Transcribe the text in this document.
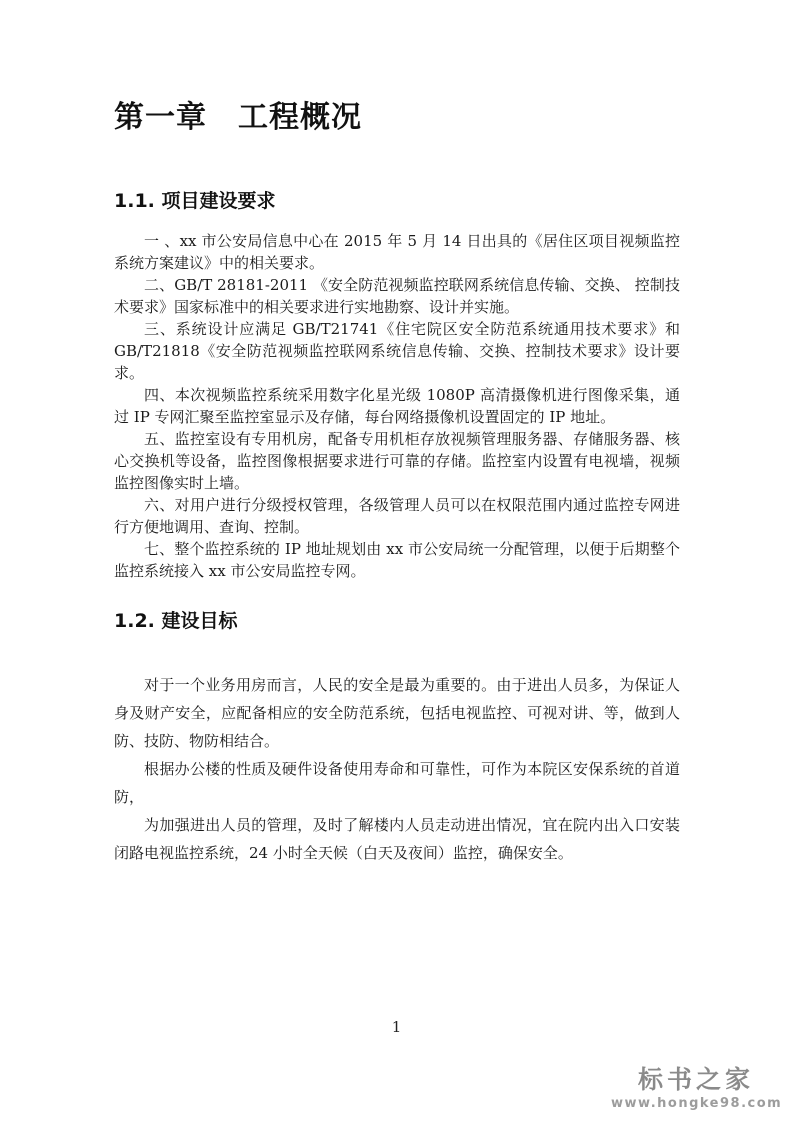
第一章　工程概况
1.1. 项目建设要求

一 、xx 市公安局信息中心在 2015 年 5 月 14 日出具的《居住区项目视频监控系统方案建议》中的相关要求。

二、GB/T 28181-2011 《安全防范视频监控联网系统信息传输、交换、 控制技术要求》国家标准中的相关要求进行实地勘察、设计并实施。

三、系统设计应满足 GB/T21741《住宅院区安全防范系统通用技术要求》和 GB/T21818《安全防范视频监控联网系统信息传输、交换、控制技术要求》设计要求。

四、本次视频监控系统采用数字化星光级 1080P 高清摄像机进行图像采集，通过 IP 专网汇聚至监控室显示及存储，每台网络摄像机设置固定的 IP 地址。

五、监控室设有专用机房，配备专用机柜存放视频管理服务器、存储服务器、核心交换机等设备，监控图像根据要求进行可靠的存储。监控室内设置有电视墙，视频监控图像实时上墙。

六、对用户进行分级授权管理，各级管理人员可以在权限范围内通过监控专网进行方便地调用、查询、控制。

七、整个监控系统的 IP 地址规划由 xx 市公安局统一分配管理，以便于后期整个监控系统接入 xx 市公安局监控专网。

1.2. 建设目标

对于一个业务用房而言，人民的安全是最为重要的。由于进出人员多，为保证人身及财产安全，应配备相应的安全防范系统，包括电视监控、可视对讲、等，做到人防、技防、物防相结合。

根据办公楼的性质及硬件设备使用寿命和可靠性，可作为本院区安保系统的首道防，

为加强进出人员的管理，及时了解楼内人员走动进出情况，宜在院内出入口安装闭路电视监控系统，24 小时全天候（白天及夜间）监控，确保安全。

1
标书之家
www.hongke98.com
